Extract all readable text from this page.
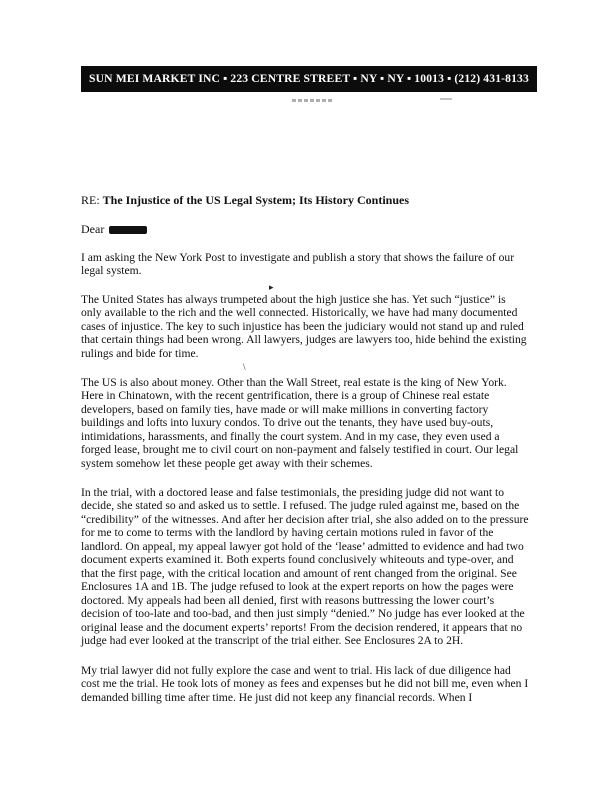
SUN MEI MARKET INC ▪ 223 CENTRE STREET ▪ NY ▪ NY ▪ 10013 ▪ (212) 431-8133
RE: The Injustice of the US Legal System; Its History Continues
Dear
I am asking the New York Post to investigate and publish a story that shows the failure of our
legal system.
▸
The United States has always trumpeted about the high justice she has. Yet such “justice” is
only available to the rich and the well connected. Historically, we have had many documented
cases of injustice. The key to such injustice has been the judiciary would not stand up and ruled
that certain things had been wrong. All lawyers, judges are lawyers too, hide behind the existing
rulings and bide for time.
\
The US is also about money. Other than the Wall Street, real estate is the king of New York.
Here in Chinatown, with the recent gentrification, there is a group of Chinese real estate
developers, based on family ties, have made or will make millions in converting factory
buildings and lofts into luxury condos. To drive out the tenants, they have used buy-outs,
intimidations, harassments, and finally the court system. And in my case, they even used a
forged lease, brought me to civil court on non-payment and falsely testified in court. Our legal
system somehow let these people get away with their schemes.
In the trial, with a doctored lease and false testimonials, the presiding judge did not want to
decide, she stated so and asked us to settle. I refused. The judge ruled against me, based on the
“credibility” of the witnesses. And after her decision after trial, she also added on to the pressure
for me to come to terms with the landlord by having certain motions ruled in favor of the
landlord. On appeal, my appeal lawyer got hold of the ‘lease’ admitted to evidence and had two
document experts examined it. Both experts found conclusively whiteouts and type-over, and
that the first page, with the critical location and amount of rent changed from the original. See
Enclosures 1A and 1B. The judge refused to look at the expert reports on how the pages were
doctored. My appeals had been all denied, first with reasons buttressing the lower court’s
decision of too-late and too-bad, and then just simply “denied.” No judge has ever looked at the
original lease and the document experts’ reports! From the decision rendered, it appears that no
judge had ever looked at the transcript of the trial either. See Enclosures 2A to 2H.
My trial lawyer did not fully explore the case and went to trial. His lack of due diligence had
cost me the trial. He took lots of money as fees and expenses but he did not bill me, even when I
demanded billing time after time. He just did not keep any financial records. When I
